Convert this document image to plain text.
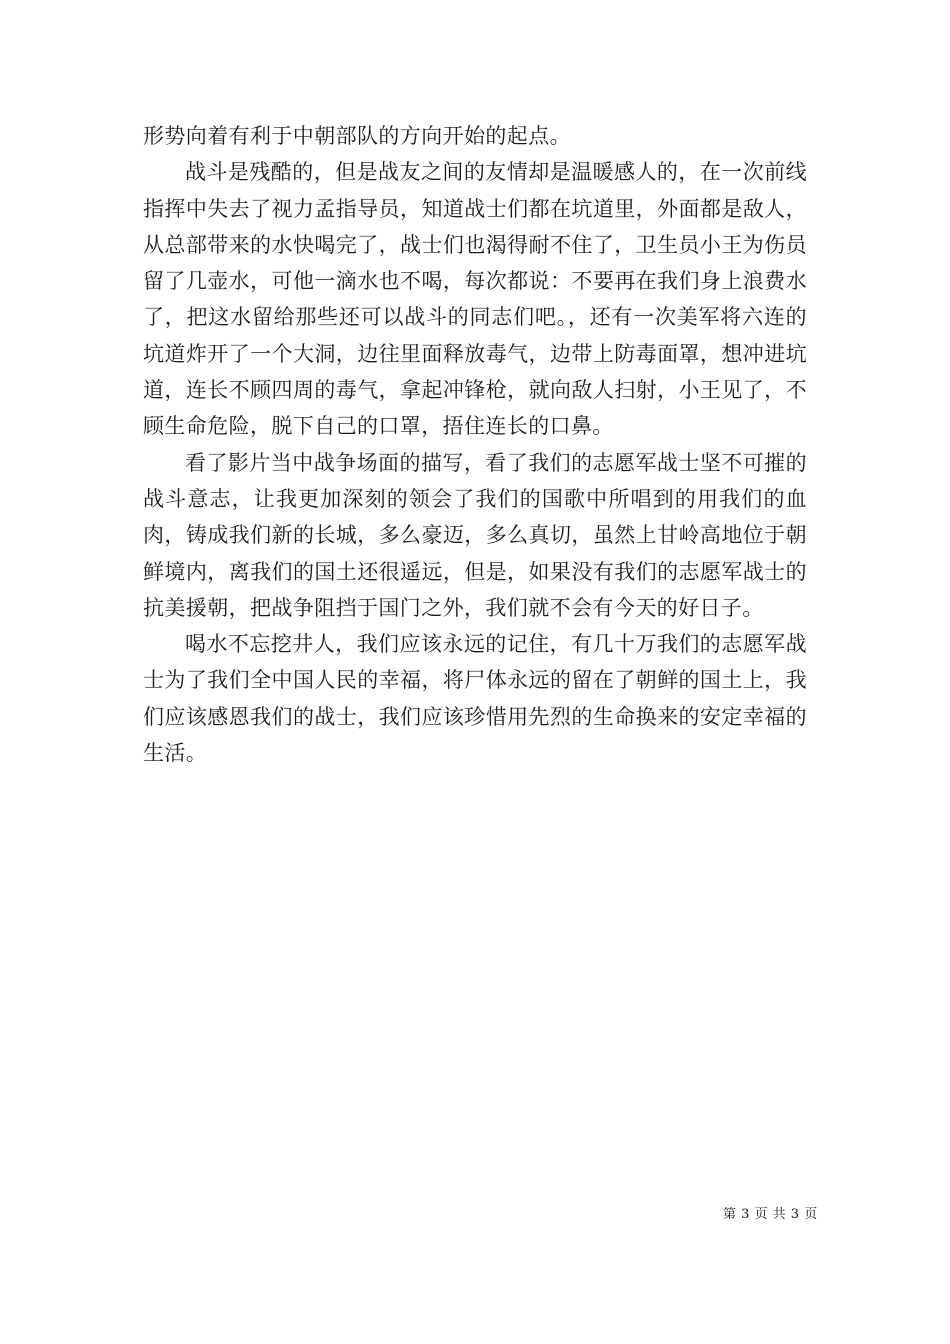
形势向着有利于中朝部队的方向开始的起点。

战斗是残酷的，但是战友之间的友情却是温暖感人的，在一次前线指挥中失去了视力孟指导员，知道战士们都在坑道里，外面都是敌人，从总部带来的水快喝完了，战士们也渴得耐不住了，卫生员小王为伤员留了几壶水，可他一滴水也不喝，每次都说：不要再在我们身上浪费水了，把这水留给那些还可以战斗的同志们吧。，还有一次美军将六连的坑道炸开了一个大洞，边往里面释放毒气，边带上防毒面罩，想冲进坑道，连长不顾四周的毒气，拿起冲锋枪，就向敌人扫射，小王见了，不顾生命危险，脱下自己的口罩，捂住连长的口鼻。

看了影片当中战争场面的描写，看了我们的志愿军战士坚不可摧的战斗意志，让我更加深刻的领会了我们的国歌中所唱到的用我们的血肉，铸成我们新的长城，多么豪迈，多么真切，虽然上甘岭高地位于朝鲜境内，离我们的国土还很遥远，但是，如果没有我们的志愿军战士的抗美援朝，把战争阻挡于国门之外，我们就不会有今天的好日子。

喝水不忘挖井人，我们应该永远的记住，有几十万我们的志愿军战士为了我们全中国人民的幸福，将尸体永远的留在了朝鲜的国土上，我们应该感恩我们的战士，我们应该珍惜用先烈的生命换来的安定幸福的生活。

第 3 页 共 3 页
